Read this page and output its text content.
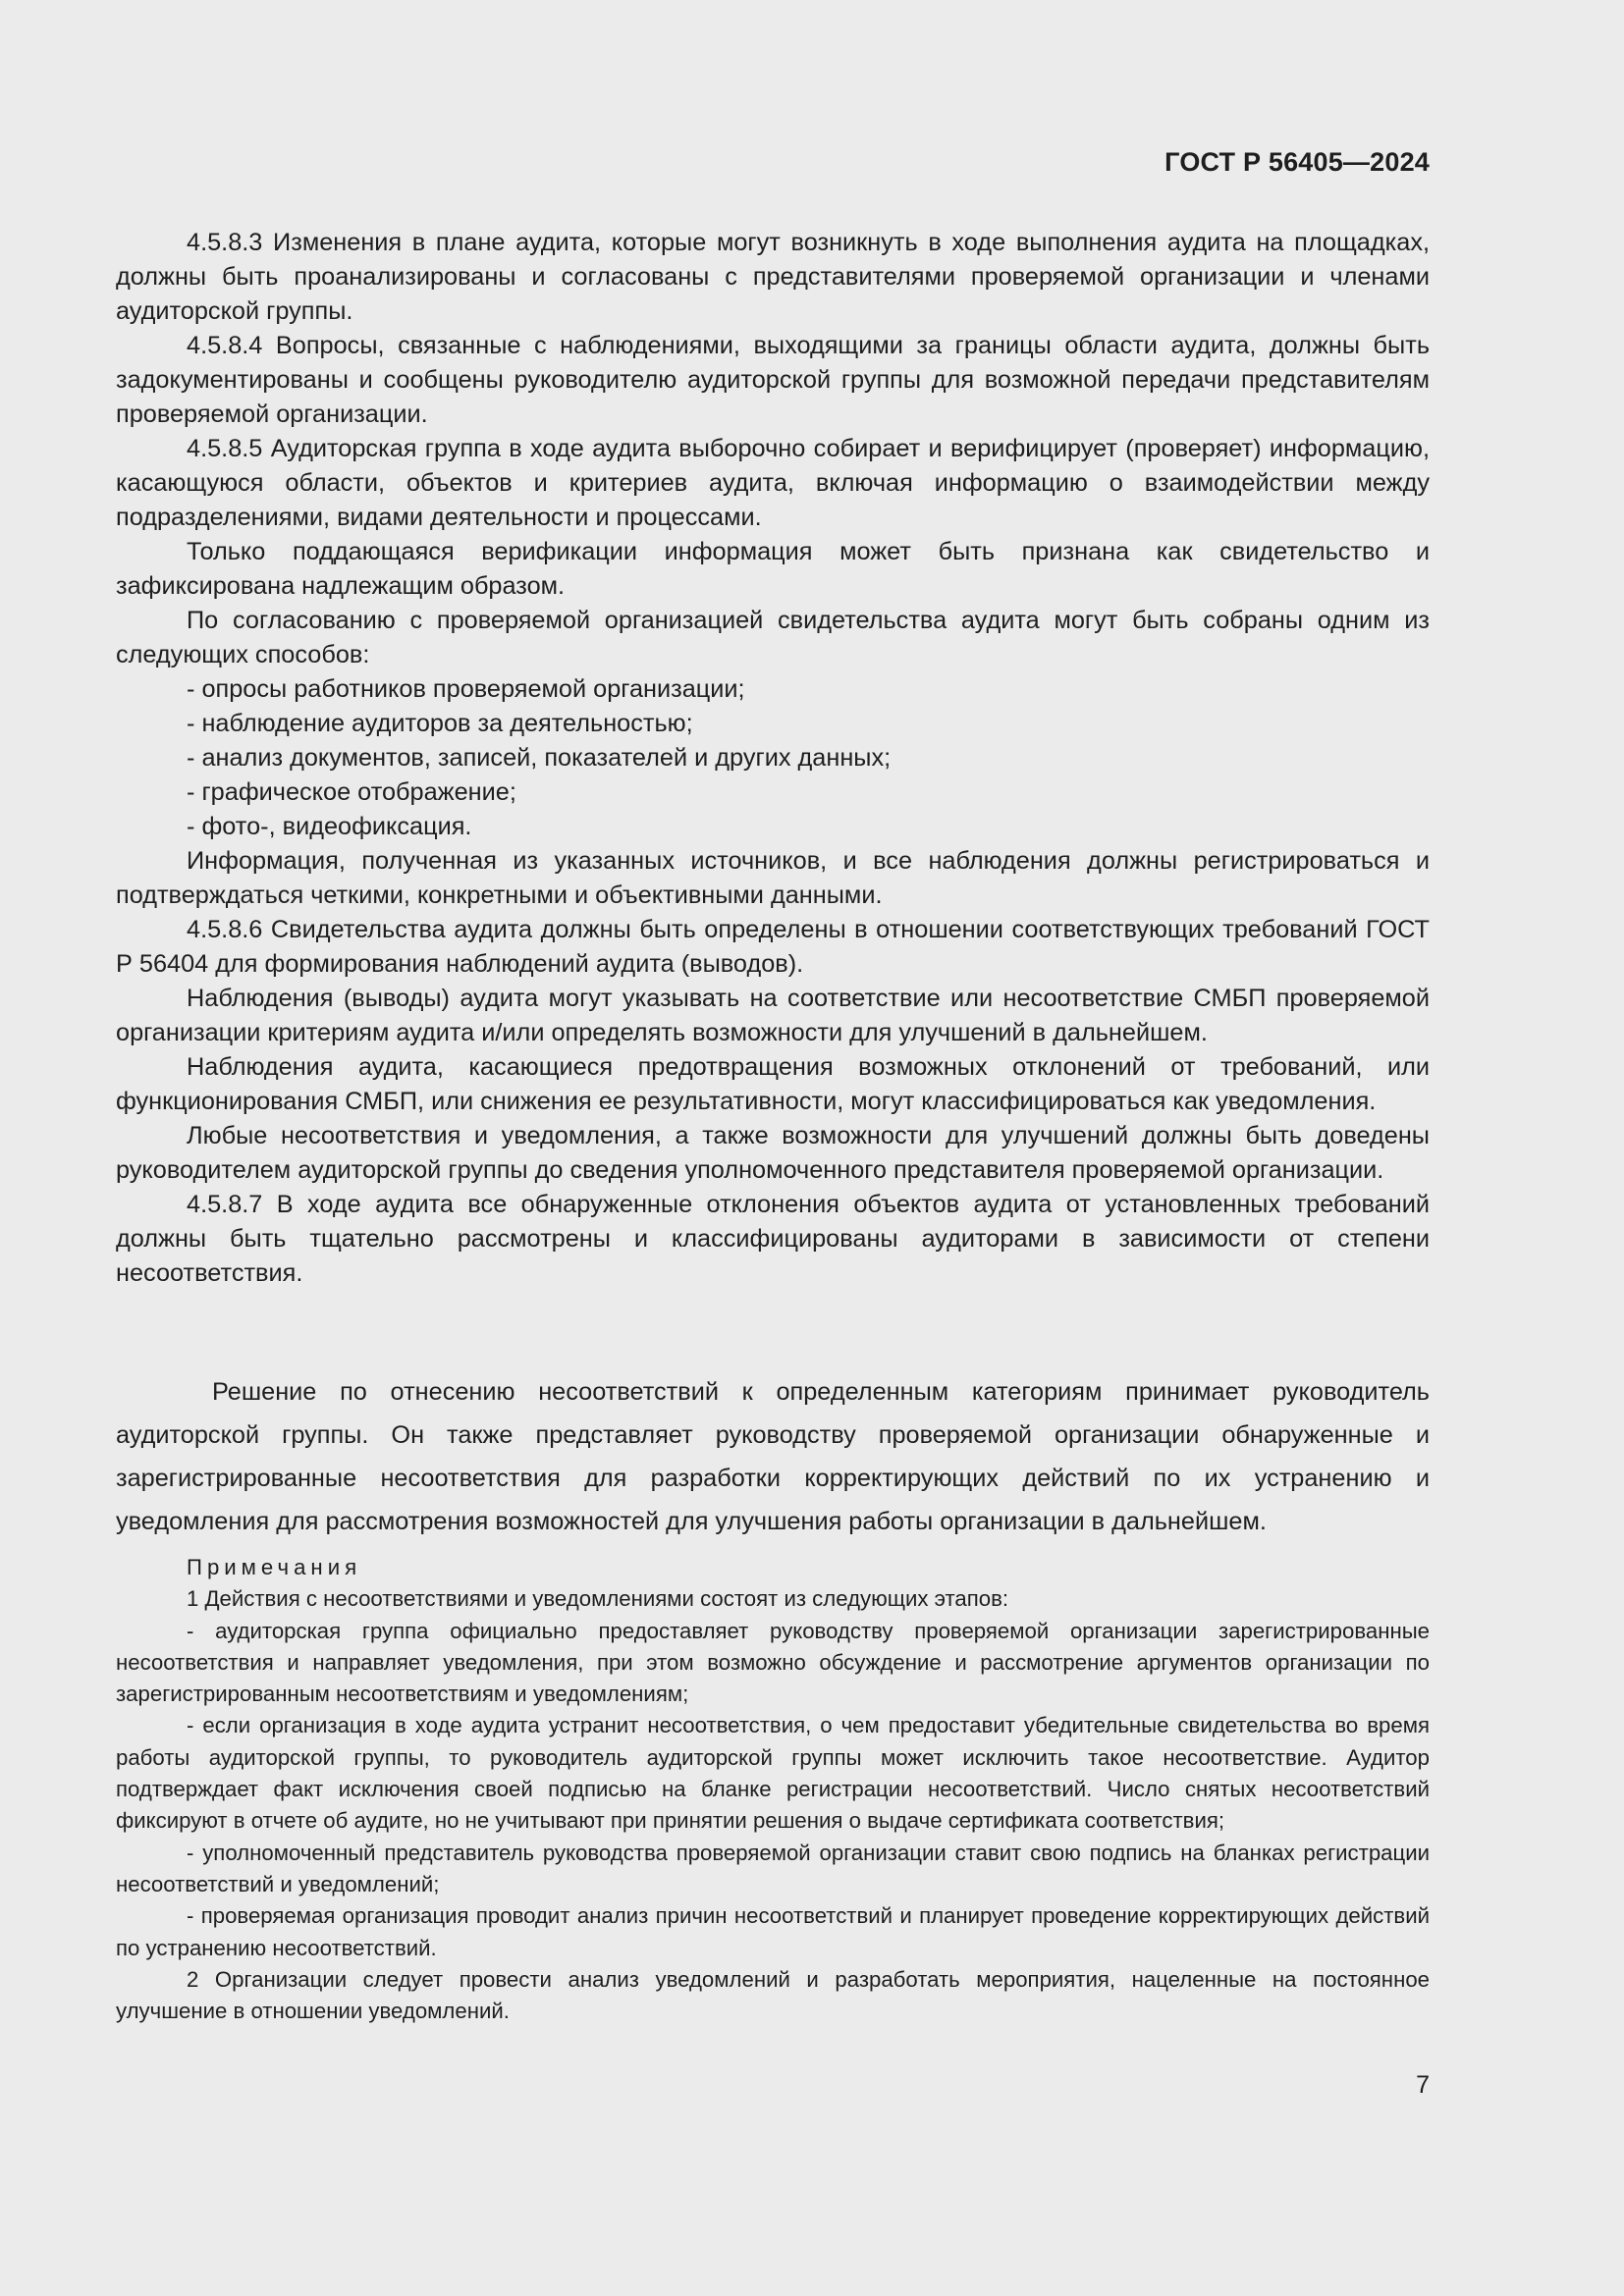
ГОСТ Р 56405—2024

4.5.8.3 Изменения в плане аудита, которые могут возникнуть в ходе выполнения аудита на площадках, должны быть проанализированы и согласованы с представителями проверяемой организации и членами аудиторской группы.

4.5.8.4 Вопросы, связанные с наблюдениями, выходящими за границы области аудита, должны быть задокументированы и сообщены руководителю аудиторской группы для возможной передачи представителям проверяемой организации.

4.5.8.5 Аудиторская группа в ходе аудита выборочно собирает и верифицирует (проверяет) информацию, касающуюся области, объектов и критериев аудита, включая информацию о взаимодействии между подразделениями, видами деятельности и процессами.

Только поддающаяся верификации информация может быть признана как свидетельство и зафиксирована надлежащим образом.

По согласованию с проверяемой организацией свидетельства аудита могут быть собраны одним из следующих способов:

- опросы работников проверяемой организации;

- наблюдение аудиторов за деятельностью;

- анализ документов, записей, показателей и других данных;

- графическое отображение;

- фото-, видеофиксация.

Информация, полученная из указанных источников, и все наблюдения должны регистрироваться и подтверждаться четкими, конкретными и объективными данными.

4.5.8.6 Свидетельства аудита должны быть определены в отношении соответствующих требований ГОСТ Р 56404 для формирования наблюдений аудита (выводов).

Наблюдения (выводы) аудита могут указывать на соответствие или несоответствие СМБП проверяемой организации критериям аудита и/или определять возможности для улучшений в дальнейшем.

Наблюдения аудита, касающиеся предотвращения возможных отклонений от требований, или функционирования СМБП, или снижения ее результативности, могут классифицироваться как уведомления.

Любые несоответствия и уведомления, а также возможности для улучшений должны быть доведены руководителем аудиторской группы до сведения уполномоченного представителя проверяемой организации.

4.5.8.7 В ходе аудита все обнаруженные отклонения объектов аудита от установленных требований должны быть тщательно рассмотрены и классифицированы аудиторами в зависимости от степени несоответствия.

Решение по отнесению несоответствий к определенным категориям принимает руководитель аудиторской группы. Он также представляет руководству проверяемой организации обнаруженные и зарегистрированные несоответствия для разработки корректирующих действий по их устранению и уведомления для рассмотрения возможностей для улучшения работы организации в дальнейшем.

Примечания

1 Действия с несоответствиями и уведомлениями состоят из следующих этапов:

- аудиторская группа официально предоставляет руководству проверяемой организации зарегистрированные несоответствия и направляет уведомления, при этом возможно обсуждение и рассмотрение аргументов организации по зарегистрированным несоответствиям и уведомлениям;

- если организация в ходе аудита устранит несоответствия, о чем предоставит убедительные свидетельства во время работы аудиторской группы, то руководитель аудиторской группы может исключить такое несоответствие. Аудитор подтверждает факт исключения своей подписью на бланке регистрации несоответствий. Число снятых несоответствий фиксируют в отчете об аудите, но не учитывают при принятии решения о выдаче сертификата соответствия;

- уполномоченный представитель руководства проверяемой организации ставит свою подпись на бланках регистрации несоответствий и уведомлений;

- проверяемая организация проводит анализ причин несоответствий и планирует проведение корректирующих действий по устранению несоответствий.

2 Организации следует провести анализ уведомлений и разработать мероприятия, нацеленные на постоянное улучшение в отношении уведомлений.

7
